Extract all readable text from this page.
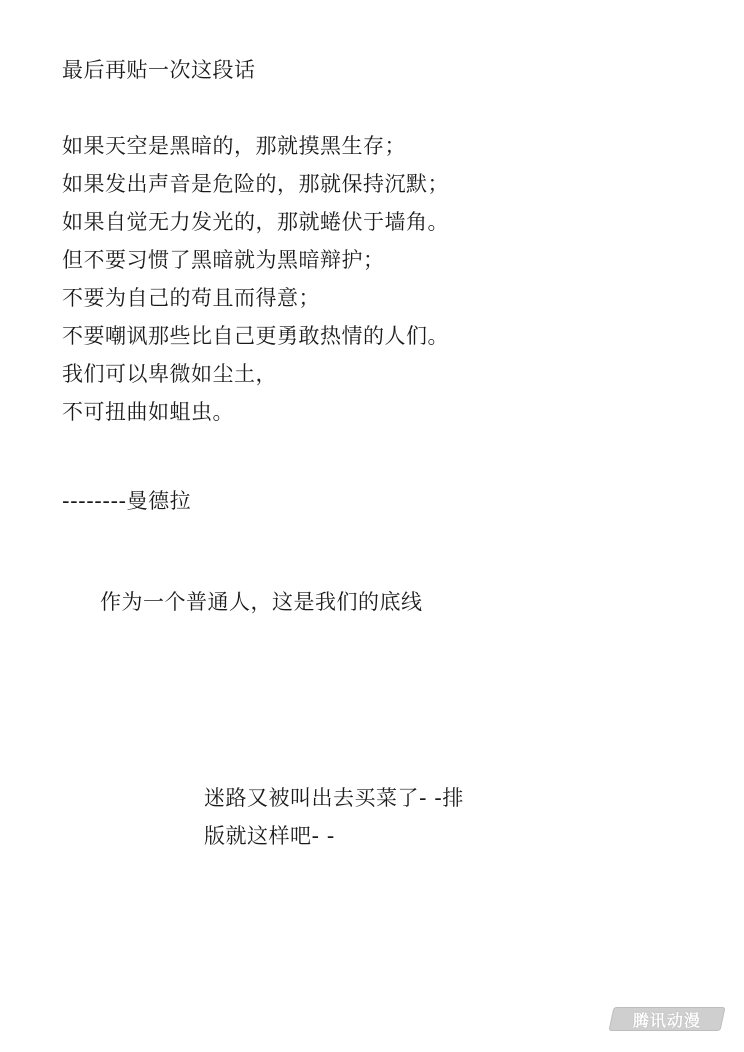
最后再贴一次这段话
如果天空是黑暗的，那就摸黑生存；
如果发出声音是危险的，那就保持沉默；
如果自觉无力发光的，那就蜷伏于墙角。
但不要习惯了黑暗就为黑暗辩护；
不要为自己的苟且而得意；
不要嘲讽那些比自己更勇敢热情的人们。
我们可以卑微如尘土，
不可扭曲如蛆虫。
--------曼德拉
作为一个普通人，这是我们的底线
迷路又被叫出去买菜了- -排
版就这样吧- -
腾讯动漫
